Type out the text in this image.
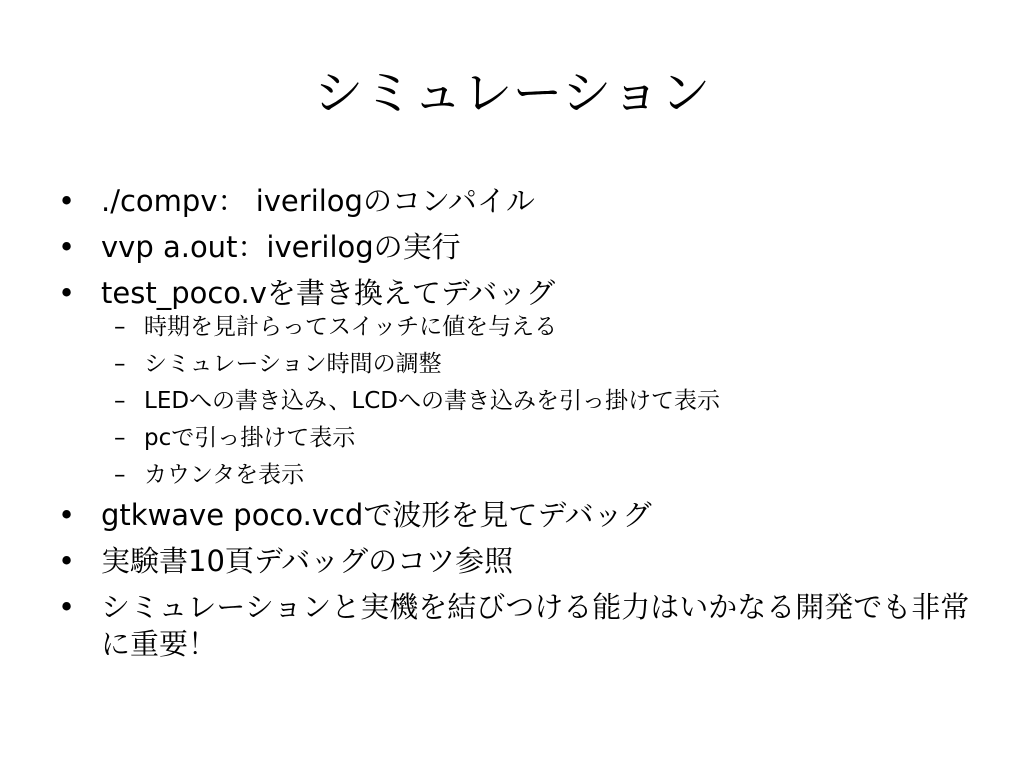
シミュレーション
• ./compv： iverilogのコンパイル
• vvp a.out：iverilogの実行
• test_poco.vを書き換えてデバッグ
– 時期を見計らってスイッチに値を与える
– シミュレーション時間の調整
– LEDへの書き込み、LCDへの書き込みを引っ掛けて表示
– pcで引っ掛けて表示
– カウンタを表示
• gtkwave poco.vcdで波形を見てデバッグ
• 実験書10頁デバッグのコツ参照
• シミュレーションと実機を結びつける能力はいかなる開発でも非常に重要！
